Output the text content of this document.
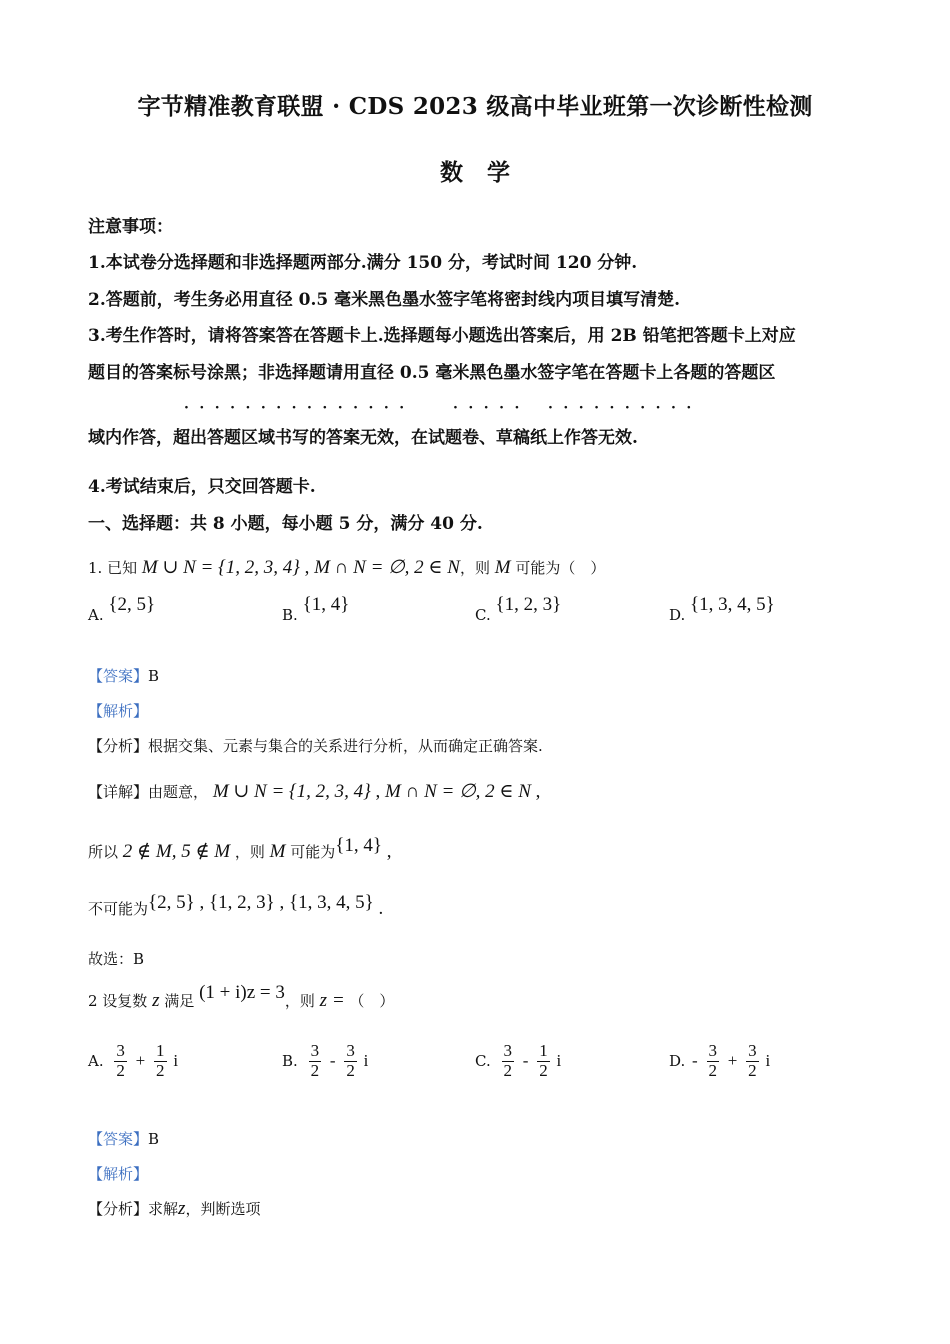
字节精准教育联盟 · CDS 2023 级高中毕业班第一次诊断性检测
数学
注意事项：
1.本试卷分选择题和非选择题两部分.满分 150 分，考试时间 120 分钟.
2.答题前，考生务必用直径 0.5 毫米黑色墨水签字笔将密封线内项目填写清楚.
3.考生作答时，请将答案答在答题卡上.选择题每小题选出答案后，用 2B 铅笔把答题卡上对应
题目的答案标号涂黑；非选择题请用直径 0.5 毫米黑色墨水签字笔在答题卡上各题的答题区
···············	····· ··········
域内作答，超出答题区域书写的答案无效，在试题卷、草稿纸上作答无效.
4.考试结束后，只交回答题卡.
一、选择题：共 8 小题，每小题 5 分，满分 40 分.
1. 已知 M ∪ N = {1, 2, 3, 4} , M ∩ N = ∅, 2 ∈ N，则 M 可能为（　）
A. {2, 5}	B. {1, 4}	C. {1, 2, 3}	D. {1, 3, 4, 5}
【答案】B
【解析】
【分析】根据交集、元素与集合的关系进行分析，从而确定正确答案.
【详解】由题意， M ∪ N = {1, 2, 3, 4} , M ∩ N = ∅, 2 ∈ N ,
所以 2 ∉ M, 5 ∉ M ，则 M 可能为{1, 4} ,
不可能为{2, 5} , {1, 2, 3} , {1, 3, 4, 5} .
故选：B
2 设复数 z 满足 (1 + i)z = 3，则 z = （　）
A. $\frac{3}{2} + \frac{1}{2}$ i	B. $\frac{3}{2} - \frac{3}{2}$ i	C. $\frac{3}{2} - \frac{1}{2}$ i	D. - $\frac{3}{2} + \frac{3}{2}$ i
【答案】B
【解析】
【分析】求解z，判断选项
